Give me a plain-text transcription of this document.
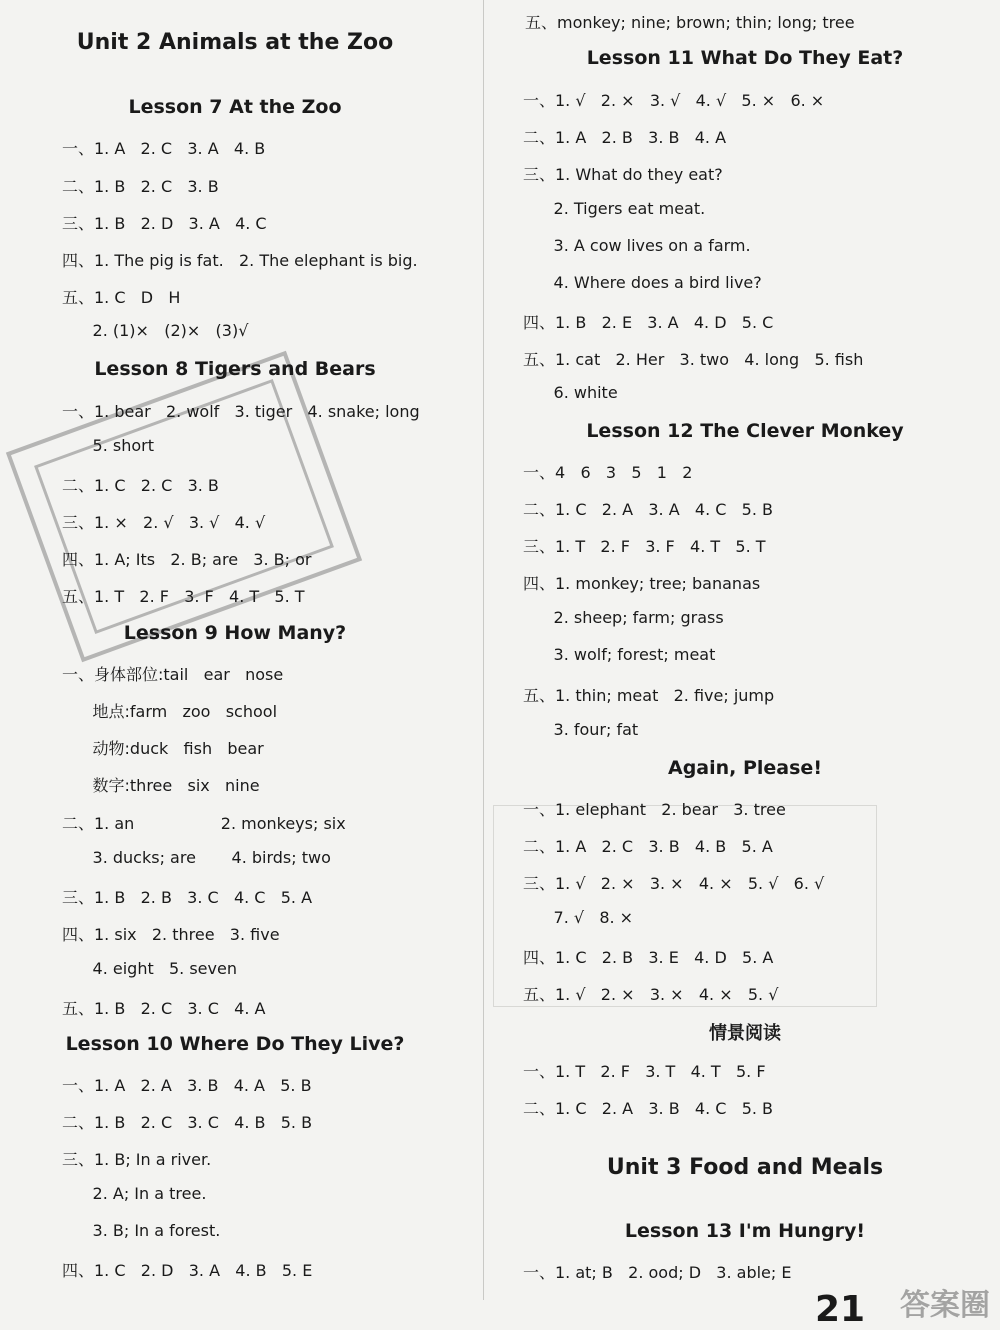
Unit 2 Animals at the Zoo
Lesson 7 At the Zoo
一、1. A   2. C   3. A   4. B
二、1. B   2. C   3. B
三、1. B   2. D   3. A   4. C
四、1. The pig is fat.   2. The elephant is big.
五、1. C   D   H
2. (1)×   (2)×   (3)√
Lesson 8 Tigers and Bears
一、1. bear   2. wolf   3. tiger   4. snake; long
5. short
二、1. C   2. C   3. B
三、1. ×   2. √   3. √   4. √
四、1. A; Its   2. B; are   3. B; or
五、1. T   2. F   3. F   4. T   5. T
Lesson 9 How Many?
一、身体部位:tail   ear   nose
地点:farm   zoo   school
动物:duck   fish   bear
数字:three   six   nine
二、1. an                 2. monkeys; six
3. ducks; are       4. birds; two
三、1. B   2. B   3. C   4. C   5. A
四、1. six   2. three   3. five
4. eight   5. seven
五、1. B   2. C   3. C   4. A
Lesson 10 Where Do They Live?
一、1. A   2. A   3. B   4. A   5. B
二、1. B   2. C   3. C   4. B   5. B
三、1. B; In a river.
2. A; In a tree.
3. B; In a forest.
四、1. C   2. D   3. A   4. B   5. E
五、monkey; nine; brown; thin; long; tree
Lesson 11 What Do They Eat?
一、1. √   2. ×   3. √   4. √   5. ×   6. ×
二、1. A   2. B   3. B   4. A
三、1. What do they eat?
2. Tigers eat meat.
3. A cow lives on a farm.
4. Where does a bird live?
四、1. B   2. E   3. A   4. D   5. C
五、1. cat   2. Her   3. two   4. long   5. fish
6. white
Lesson 12 The Clever Monkey
一、4   6   3   5   1   2
二、1. C   2. A   3. A   4. C   5. B
三、1. T   2. F   3. F   4. T   5. T
四、1. monkey; tree; bananas
2. sheep; farm; grass
3. wolf; forest; meat
五、1. thin; meat   2. five; jump
3. four; fat
Again, Please!
一、1. elephant   2. bear   3. tree
二、1. A   2. C   3. B   4. B   5. A
三、1. √   2. ×   3. ×   4. ×   5. √   6. √
7. √   8. ×
四、1. C   2. B   3. E   4. D   5. A
五、1. √   2. ×   3. ×   4. ×   5. √
情景阅读
一、1. T   2. F   3. T   4. T   5. F
二、1. C   2. A   3. B   4. C   5. B
Unit 3 Food and Meals
Lesson 13 I'm Hungry!
一、1. at; B   2. ood; D   3. able; E
21 答案圈
